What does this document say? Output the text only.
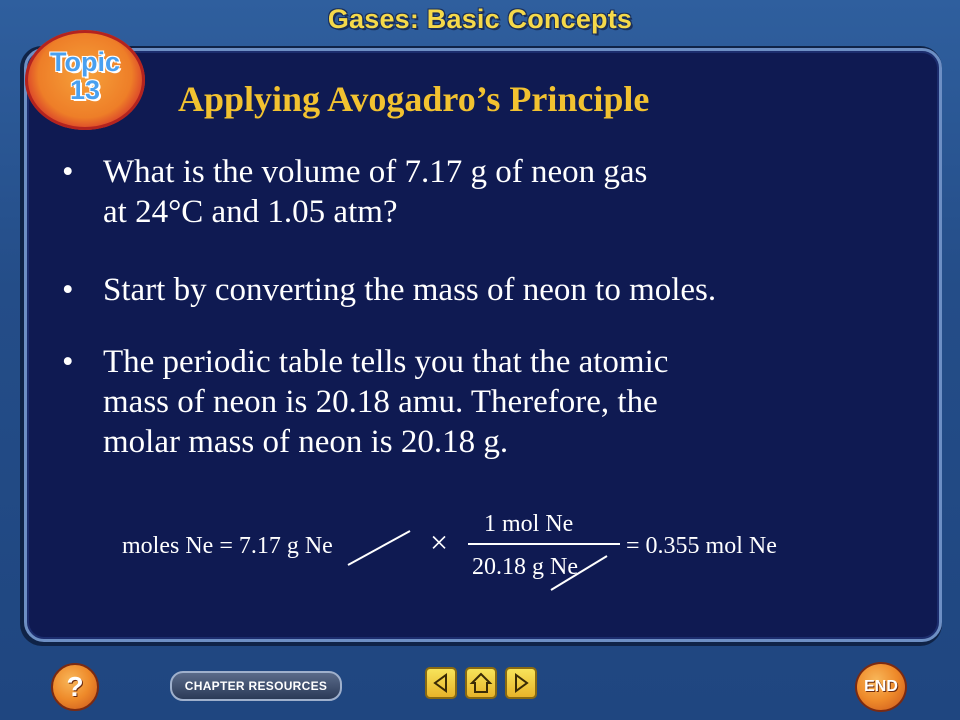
Gases: Basic Concepts
Topic
13	Applying Avogadro’s Principle
• What is the volume of 7.17 g of neon gas
at 24°C and 1.05 atm?
• Start by converting the mass of neon to moles.
• The periodic table tells you that the atomic
mass of neon is 20.18 amu. Therefore, the
molar mass of neon is 20.18 g.
moles Ne = 7.17 g Ne	× 1 mol Ne
20.18 g Ne
= 0.355 mol Ne
?	CHAPTER RESOURCES	END
